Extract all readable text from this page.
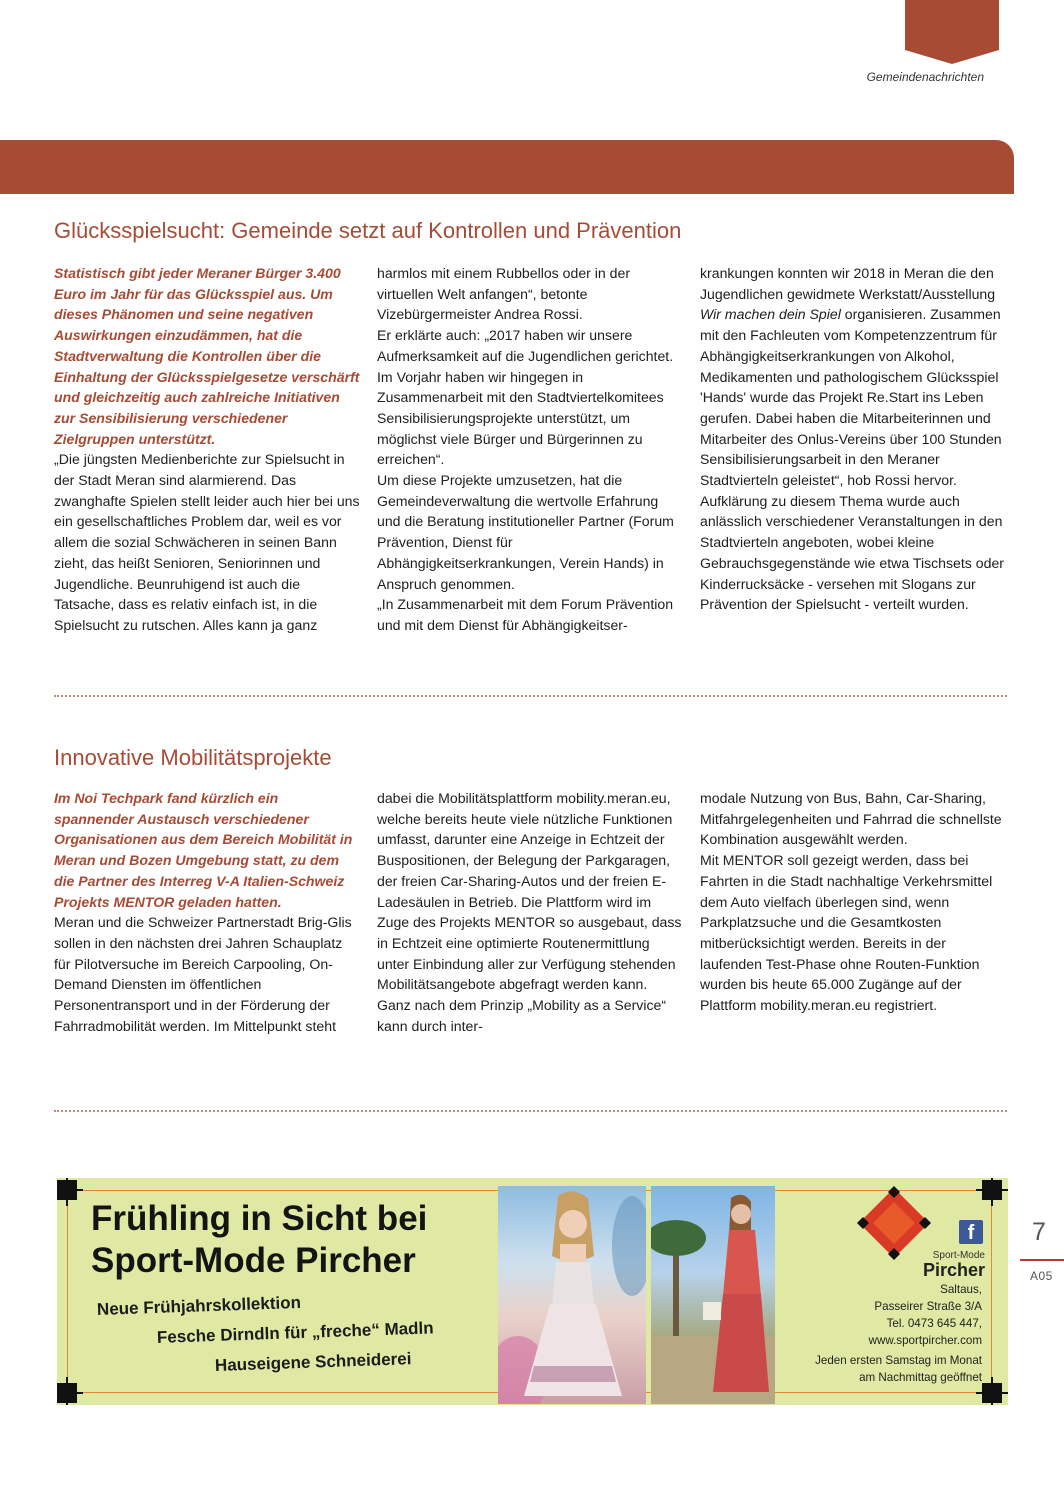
Gemeindenachrichten
Glücksspielsucht: Gemeinde setzt auf Kontrollen und Prävention

Statistisch gibt jeder Meraner Bürger 3.400 Euro im Jahr für das Glücksspiel aus. Um dieses Phänomen und seine negativen Auswirkungen einzudämmen, hat die Stadtverwaltung die Kontrollen über die Einhaltung der Glücksspielgesetze verschärft und gleichzeitig auch zahlreiche Initiativen zur Sensibilisierung verschiedener Zielgruppen unterstützt.

„Die jüngsten Medienberichte zur Spielsucht in der Stadt Meran sind alarmierend. Das zwanghafte Spielen stellt leider auch hier bei uns ein gesellschaftliches Problem dar, weil es vor allem die sozial Schwächeren in seinen Bann zieht, das heißt Senioren, Seniorinnen und Jugendliche. Beunruhigend ist auch die Tatsache, dass es relativ einfach ist, in die Spielsucht zu rutschen. Alles kann ja ganz

harmlos mit einem Rubbellos oder in der virtuellen Welt anfangen“, betonte Vizebürgermeister Andrea Rossi.

Er erklärte auch: „2017 haben wir unsere Aufmerksamkeit auf die Jugendlichen gerichtet. Im Vorjahr haben wir hingegen in Zusammenarbeit mit den Stadtviertelkomitees Sensibilisierungsprojekte unterstützt, um möglichst viele Bürger und Bürgerinnen zu erreichen“.

Um diese Projekte umzusetzen, hat die Gemeindeverwaltung die wertvolle Erfahrung und die Beratung institutioneller Partner (Forum Prävention, Dienst für Abhängigkeitserkrankungen, Verein Hands) in Anspruch genommen.

„In Zusammenarbeit mit dem Forum Prävention und mit dem Dienst für Abhängigkeitser-

krankungen konnten wir 2018 in Meran die den Jugendlichen gewidmete Werkstatt/Ausstellung Wir machen dein Spiel organisieren. Zusammen mit den Fachleuten vom Kompetenzzentrum für Abhängigkeitserkrankungen von Alkohol, Medikamenten und pathologischem Glücksspiel 'Hands' wurde das Projekt Re.Start ins Leben gerufen. Dabei haben die Mitarbeiterinnen und Mitarbeiter des Onlus-Vereins über 100 Stunden Sensibilisierungsarbeit in den Meraner Stadtvierteln geleistet“, hob Rossi hervor. Aufklärung zu diesem Thema wurde auch anlässlich verschiedener Veranstaltungen in den Stadtvierteln angeboten, wobei kleine Gebrauchsgegenstände wie etwa Tischsets oder Kinderrucksäcke - versehen mit Slogans zur Prävention der Spielsucht - verteilt wurden.

Innovative Mobilitätsprojekte

Im Noi Techpark fand kürzlich ein spannender Austausch verschiedener Organisationen aus dem Bereich Mobilität in Meran und Bozen Umgebung statt, zu dem die Partner des Interreg V-A Italien-Schweiz Projekts MENTOR geladen hatten.

Meran und die Schweizer Partnerstadt Brig-Glis sollen in den nächsten drei Jahren Schauplatz für Pilotversuche im Bereich Carpooling, On-Demand Diensten im öffentlichen Personentransport und in der Förderung der Fahrradmobilität werden. Im Mittelpunkt steht

dabei die Mobilitätsplattform mobility.meran.eu, welche bereits heute viele nützliche Funktionen umfasst, darunter eine Anzeige in Echtzeit der Buspositionen, der Belegung der Parkgaragen, der freien Car-Sharing-Autos und der freien E-Ladesäulen in Betrieb. Die Plattform wird im Zuge des Projekts MENTOR so ausgebaut, dass in Echtzeit eine optimierte Routenermittlung unter Einbindung aller zur Verfügung stehenden Mobilitätsangebote abgefragt werden kann. Ganz nach dem Prinzip „Mobility as a Service“ kann durch inter-

modale Nutzung von Bus, Bahn, Car-Sharing, Mitfahrgelegenheiten und Fahrrad die schnellste Kombination ausgewählt werden.

Mit MENTOR soll gezeigt werden, dass bei Fahrten in die Stadt nachhaltige Verkehrsmittel dem Auto vielfach überlegen sind, wenn Parkplatzsuche und die Gesamtkosten mitberücksichtigt werden. Bereits in der laufenden Test-Phase ohne Routen-Funktion wurden bis heute 65.000 Zugänge auf der Plattform mobility.meran.eu registriert.

Frühling in Sicht bei
Sport-Mode Pircher
Neue Frühjahrskollektion
Fesche Dirndln für „freche“ Madln
Hauseigene Schneiderei
f
Sport-Mode
Pircher
Saltaus,
Passeirer Straße 3/A
Tel. 0473 645 447,
www.sportpircher.com
Jeden ersten Samstag im Monat
am Nachmittag geöffnet
7
A05
